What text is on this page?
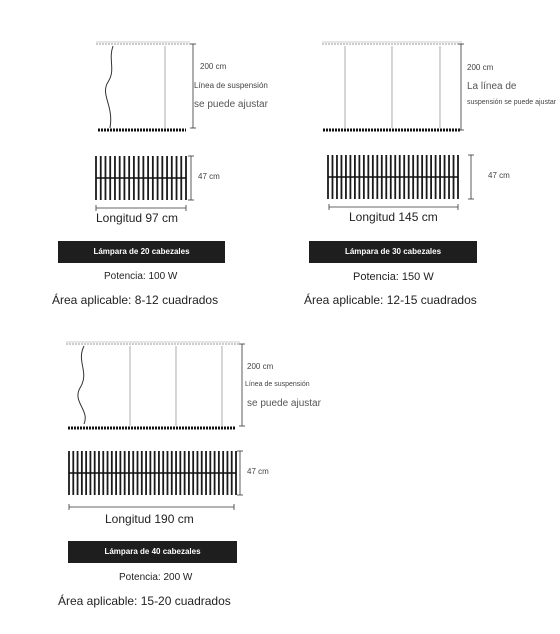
200 cm
Línea de suspensión
se puede ajustar
47 cm
Longitud 97 cm
Lámpara de 20 cabezales
Potencia: 100 W
Área aplicable: 8-12 cuadrados
200 cm
La línea de
suspensión se puede ajustar
47 cm
Longitud 145 cm
Lámpara de 30 cabezales
Potencia: 150 W
Área aplicable: 12-15 cuadrados
200 cm
Línea de suspensión
se puede ajustar
47 cm
Longitud 190 cm
Lámpara de 40 cabezales
Potencia: 200 W
Área aplicable: 15-20 cuadrados
